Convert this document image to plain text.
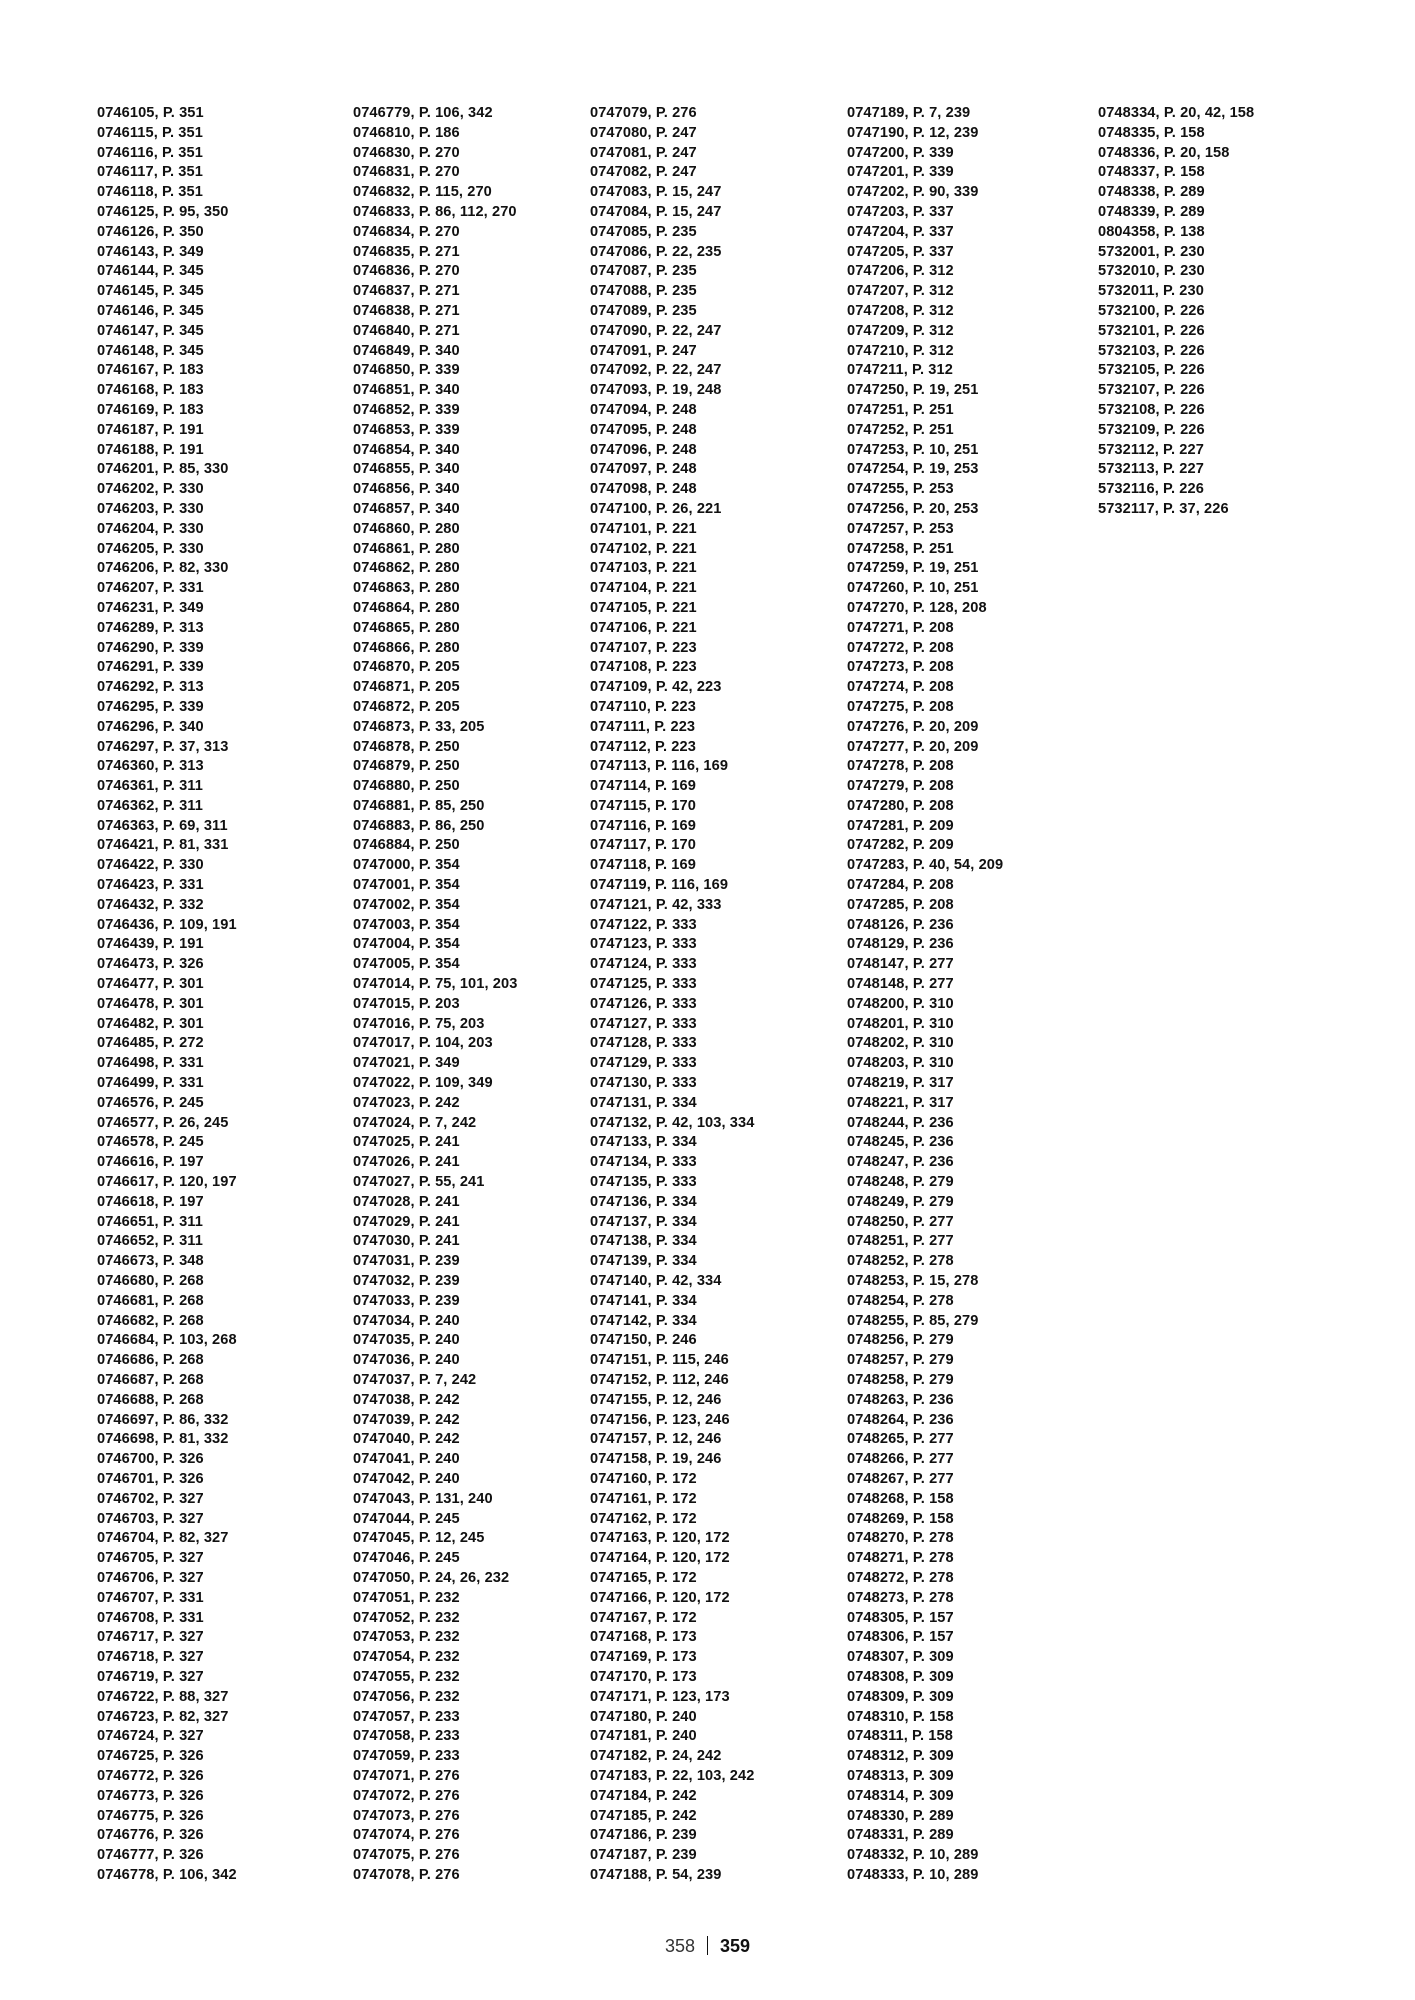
0746105, P. 351
0746115, P. 351
0746116, P. 351
0746117, P. 351
0746118, P. 351
0746125, P. 95, 350
0746126, P. 350
0746143, P. 349
0746144, P. 345
0746145, P. 345
0746146, P. 345
0746147, P. 345
0746148, P. 345
0746167, P. 183
0746168, P. 183
0746169, P. 183
0746187, P. 191
0746188, P. 191
0746201, P. 85, 330
0746202, P. 330
0746203, P. 330
0746204, P. 330
0746205, P. 330
0746206, P. 82, 330
0746207, P. 331
0746231, P. 349
0746289, P. 313
0746290, P. 339
0746291, P. 339
0746292, P. 313
0746295, P. 339
0746296, P. 340
0746297, P. 37, 313
0746360, P. 313
0746361, P. 311
0746362, P. 311
0746363, P. 69, 311
0746421, P. 81, 331
0746422, P. 330
0746423, P. 331
0746432, P. 332
0746436, P. 109, 191
0746439, P. 191
0746473, P. 326
0746477, P. 301
0746478, P. 301
0746482, P. 301
0746485, P. 272
0746498, P. 331
0746499, P. 331
0746576, P. 245
0746577, P. 26, 245
0746578, P. 245
0746616, P. 197
0746617, P. 120, 197
0746618, P. 197
0746651, P. 311
0746652, P. 311
0746673, P. 348
0746680, P. 268
0746681, P. 268
0746682, P. 268
0746684, P. 103, 268
0746686, P. 268
0746687, P. 268
0746688, P. 268
0746697, P. 86, 332
0746698, P. 81, 332
0746700, P. 326
0746701, P. 326
0746702, P. 327
0746703, P. 327
0746704, P. 82, 327
0746705, P. 327
0746706, P. 327
0746707, P. 331
0746708, P. 331
0746717, P. 327
0746718, P. 327
0746719, P. 327
0746722, P. 88, 327
0746723, P. 82, 327
0746724, P. 327
0746725, P. 326
0746772, P. 326
0746773, P. 326
0746775, P. 326
0746776, P. 326
0746777, P. 326
0746778, P. 106, 342
0746779, P. 106, 342
0746810, P. 186
0746830, P. 270
0746831, P. 270
0746832, P. 115, 270
0746833, P. 86, 112, 270
0746834, P. 270
0746835, P. 271
0746836, P. 270
0746837, P. 271
0746838, P. 271
0746840, P. 271
0746849, P. 340
0746850, P. 339
0746851, P. 340
0746852, P. 339
0746853, P. 339
0746854, P. 340
0746855, P. 340
0746856, P. 340
0746857, P. 340
0746860, P. 280
0746861, P. 280
0746862, P. 280
0746863, P. 280
0746864, P. 280
0746865, P. 280
0746866, P. 280
0746870, P. 205
0746871, P. 205
0746872, P. 205
0746873, P. 33, 205
0746878, P. 250
0746879, P. 250
0746880, P. 250
0746881, P. 85, 250
0746883, P. 86, 250
0746884, P. 250
0747000, P. 354
0747001, P. 354
0747002, P. 354
0747003, P. 354
0747004, P. 354
0747005, P. 354
0747014, P. 75, 101, 203
0747015, P. 203
0747016, P. 75, 203
0747017, P. 104, 203
0747021, P. 349
0747022, P. 109, 349
0747023, P. 242
0747024, P. 7, 242
0747025, P. 241
0747026, P. 241
0747027, P. 55, 241
0747028, P. 241
0747029, P. 241
0747030, P. 241
0747031, P. 239
0747032, P. 239
0747033, P. 239
0747034, P. 240
0747035, P. 240
0747036, P. 240
0747037, P. 7, 242
0747038, P. 242
0747039, P. 242
0747040, P. 242
0747041, P. 240
0747042, P. 240
0747043, P. 131, 240
0747044, P. 245
0747045, P. 12, 245
0747046, P. 245
0747050, P. 24, 26, 232
0747051, P. 232
0747052, P. 232
0747053, P. 232
0747054, P. 232
0747055, P. 232
0747056, P. 232
0747057, P. 233
0747058, P. 233
0747059, P. 233
0747071, P. 276
0747072, P. 276
0747073, P. 276
0747074, P. 276
0747075, P. 276
0747078, P. 276
0747079, P. 276
0747080, P. 247
0747081, P. 247
0747082, P. 247
0747083, P. 15, 247
0747084, P. 15, 247
0747085, P. 235
0747086, P. 22, 235
0747087, P. 235
0747088, P. 235
0747089, P. 235
0747090, P. 22, 247
0747091, P. 247
0747092, P. 22, 247
0747093, P. 19, 248
0747094, P. 248
0747095, P. 248
0747096, P. 248
0747097, P. 248
0747098, P. 248
0747100, P. 26, 221
0747101, P. 221
0747102, P. 221
0747103, P. 221
0747104, P. 221
0747105, P. 221
0747106, P. 221
0747107, P. 223
0747108, P. 223
0747109, P. 42, 223
0747110, P. 223
0747111, P. 223
0747112, P. 223
0747113, P. 116, 169
0747114, P. 169
0747115, P. 170
0747116, P. 169
0747117, P. 170
0747118, P. 169
0747119, P. 116, 169
0747121, P. 42, 333
0747122, P. 333
0747123, P. 333
0747124, P. 333
0747125, P. 333
0747126, P. 333
0747127, P. 333
0747128, P. 333
0747129, P. 333
0747130, P. 333
0747131, P. 334
0747132, P. 42, 103, 334
0747133, P. 334
0747134, P. 333
0747135, P. 333
0747136, P. 334
0747137, P. 334
0747138, P. 334
0747139, P. 334
0747140, P. 42, 334
0747141, P. 334
0747142, P. 334
0747150, P. 246
0747151, P. 115, 246
0747152, P. 112, 246
0747155, P. 12, 246
0747156, P. 123, 246
0747157, P. 12, 246
0747158, P. 19, 246
0747160, P. 172
0747161, P. 172
0747162, P. 172
0747163, P. 120, 172
0747164, P. 120, 172
0747165, P. 172
0747166, P. 120, 172
0747167, P. 172
0747168, P. 173
0747169, P. 173
0747170, P. 173
0747171, P. 123, 173
0747180, P. 240
0747181, P. 240
0747182, P. 24, 242
0747183, P. 22, 103, 242
0747184, P. 242
0747185, P. 242
0747186, P. 239
0747187, P. 239
0747188, P. 54, 239
0747189, P. 7, 239
0747190, P. 12, 239
0747200, P. 339
0747201, P. 339
0747202, P. 90, 339
0747203, P. 337
0747204, P. 337
0747205, P. 337
0747206, P. 312
0747207, P. 312
0747208, P. 312
0747209, P. 312
0747210, P. 312
0747211, P. 312
0747250, P. 19, 251
0747251, P. 251
0747252, P. 251
0747253, P. 10, 251
0747254, P. 19, 253
0747255, P. 253
0747256, P. 20, 253
0747257, P. 253
0747258, P. 251
0747259, P. 19, 251
0747260, P. 10, 251
0747270, P. 128, 208
0747271, P. 208
0747272, P. 208
0747273, P. 208
0747274, P. 208
0747275, P. 208
0747276, P. 20, 209
0747277, P. 20, 209
0747278, P. 208
0747279, P. 208
0747280, P. 208
0747281, P. 209
0747282, P. 209
0747283, P. 40, 54, 209
0747284, P. 208
0747285, P. 208
0748126, P. 236
0748129, P. 236
0748147, P. 277
0748148, P. 277
0748200, P. 310
0748201, P. 310
0748202, P. 310
0748203, P. 310
0748219, P. 317
0748221, P. 317
0748244, P. 236
0748245, P. 236
0748247, P. 236
0748248, P. 279
0748249, P. 279
0748250, P. 277
0748251, P. 277
0748252, P. 278
0748253, P. 15, 278
0748254, P. 278
0748255, P. 85, 279
0748256, P. 279
0748257, P. 279
0748258, P. 279
0748263, P. 236
0748264, P. 236
0748265, P. 277
0748266, P. 277
0748267, P. 277
0748268, P. 158
0748269, P. 158
0748270, P. 278
0748271, P. 278
0748272, P. 278
0748273, P. 278
0748305, P. 157
0748306, P. 157
0748307, P. 309
0748308, P. 309
0748309, P. 309
0748310, P. 158
0748311, P. 158
0748312, P. 309
0748313, P. 309
0748314, P. 309
0748330, P. 289
0748331, P. 289
0748332, P. 10, 289
0748333, P. 10, 289
0748334, P. 20, 42, 158
0748335, P. 158
0748336, P. 20, 158
0748337, P. 158
0748338, P. 289
0748339, P. 289
0804358, P. 138
5732001, P. 230
5732010, P. 230
5732011, P. 230
5732100, P. 226
5732101, P. 226
5732103, P. 226
5732105, P. 226
5732107, P. 226
5732108, P. 226
5732109, P. 226
5732112, P. 227
5732113, P. 227
5732116, P. 226
5732117, P. 37, 226
358 359
